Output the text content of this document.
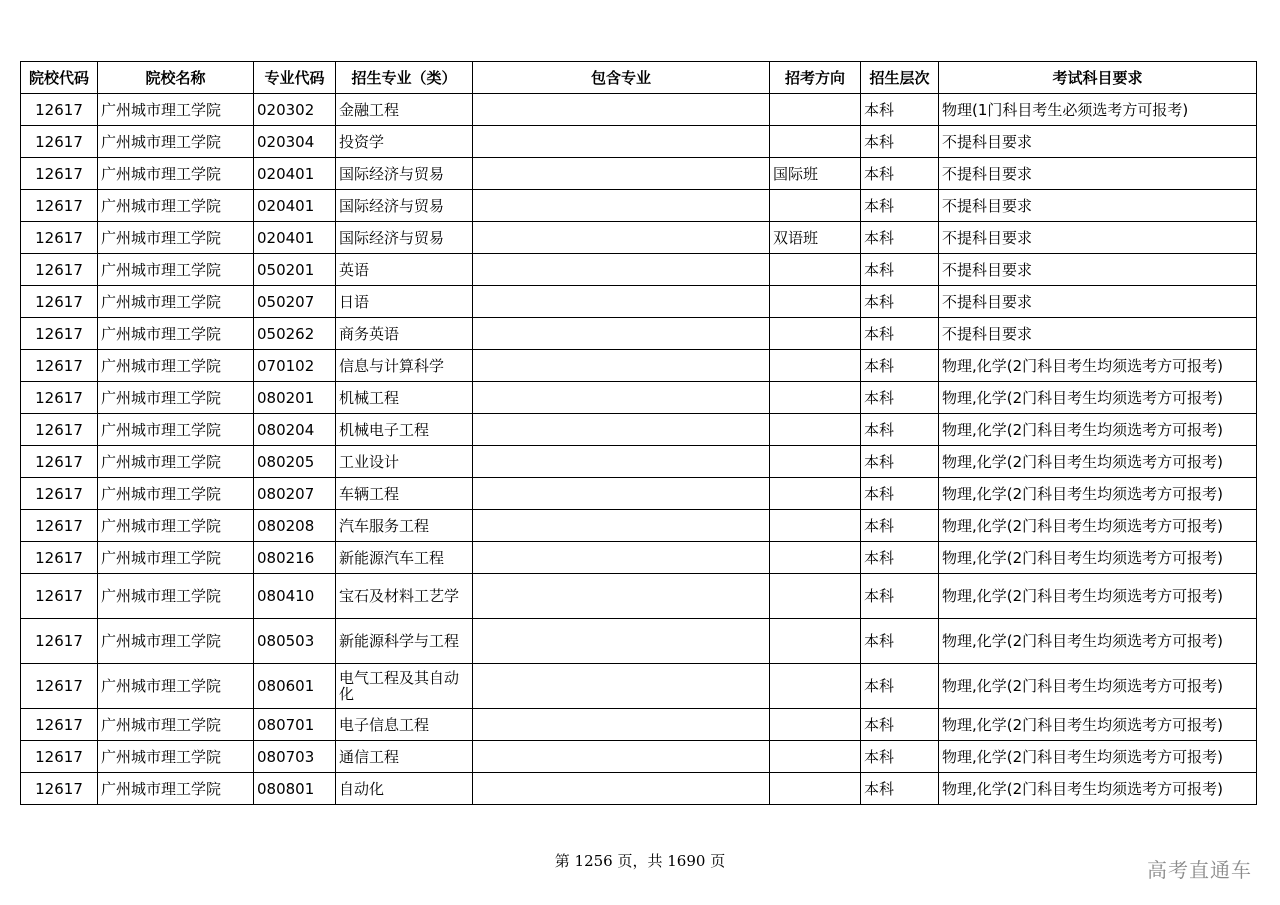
院校代码	院校名称	专业代码	招生专业（类）	包含专业	招考方向	招生层次	考试科目要求
12617	广州城市理工学院	020302	金融工程			本科	物理(1门科目考生必须选考方可报考)
12617	广州城市理工学院	020304	投资学			本科	不提科目要求
12617	广州城市理工学院	020401	国际经济与贸易		国际班	本科	不提科目要求
12617	广州城市理工学院	020401	国际经济与贸易			本科	不提科目要求
12617	广州城市理工学院	020401	国际经济与贸易		双语班	本科	不提科目要求
12617	广州城市理工学院	050201	英语			本科	不提科目要求
12617	广州城市理工学院	050207	日语			本科	不提科目要求
12617	广州城市理工学院	050262	商务英语			本科	不提科目要求
12617	广州城市理工学院	070102	信息与计算科学			本科	物理,化学(2门科目考生均须选考方可报考)
12617	广州城市理工学院	080201	机械工程			本科	物理,化学(2门科目考生均须选考方可报考)
12617	广州城市理工学院	080204	机械电子工程			本科	物理,化学(2门科目考生均须选考方可报考)
12617	广州城市理工学院	080205	工业设计			本科	物理,化学(2门科目考生均须选考方可报考)
12617	广州城市理工学院	080207	车辆工程			本科	物理,化学(2门科目考生均须选考方可报考)
12617	广州城市理工学院	080208	汽车服务工程			本科	物理,化学(2门科目考生均须选考方可报考)
12617	广州城市理工学院	080216	新能源汽车工程			本科	物理,化学(2门科目考生均须选考方可报考)
12617	广州城市理工学院	080410	宝石及材料工艺学			本科	物理,化学(2门科目考生均须选考方可报考)
12617	广州城市理工学院	080503	新能源科学与工程			本科	物理,化学(2门科目考生均须选考方可报考)
12617	广州城市理工学院	080601	电气工程及其自动化			本科	物理,化学(2门科目考生均须选考方可报考)
12617	广州城市理工学院	080701	电子信息工程			本科	物理,化学(2门科目考生均须选考方可报考)
12617	广州城市理工学院	080703	通信工程			本科	物理,化学(2门科目考生均须选考方可报考)
12617	广州城市理工学院	080801	自动化			本科	物理,化学(2门科目考生均须选考方可报考)
第 1256 页，共 1690 页	高考直通车
